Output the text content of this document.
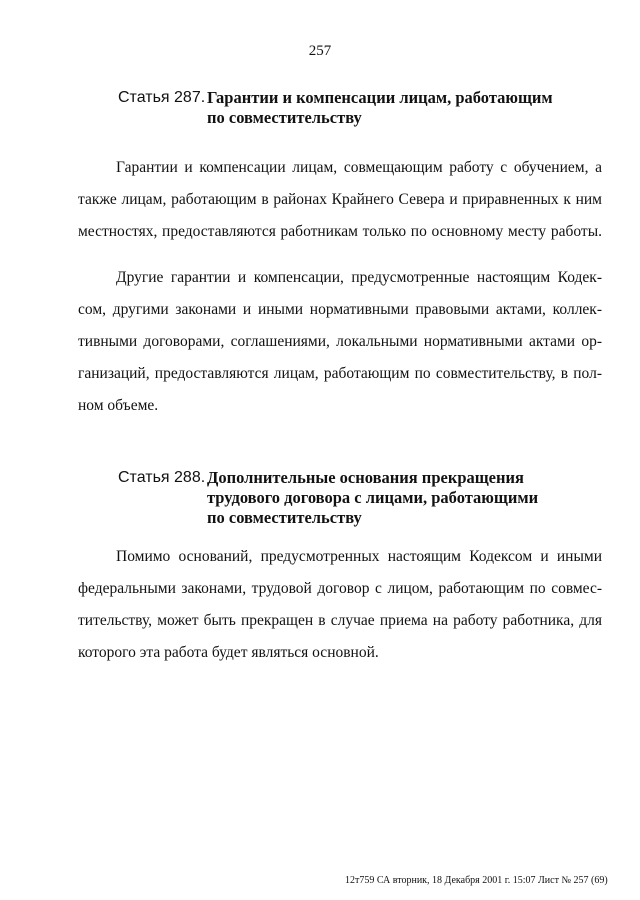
257
Статья 287. Гарантии и компенсации лицам, работающим
по совместительству
Гарантии и компенсации лицам, совмещающим работу с обучением, а
также лицам, работающим в районах Крайнего Севера и приравненных к ним
местностях, предоставляются работникам только по основному месту работы.
Другие гарантии и компенсации, предусмотренные настоящим Кодек-
сом, другими законами и иными нормативными правовыми актами, коллек-
тивными договорами, соглашениями, локальными нормативными актами ор-
ганизаций, предоставляются лицам, работающим по совместительству, в пол-
ном объеме.
Статья 288. Дополнительные основания прекращения
трудового договора с лицами, работающими
по совместительству
Помимо оснований, предусмотренных настоящим Кодексом и иными
федеральными законами, трудовой договор с лицом, работающим по совмес-
тительству, может быть прекращен в случае приема на работу работника, для
которого эта работа будет являться основной.
12т759 СА вторник, 18 Декабря 2001 г. 15:07 Лист № 257 (69)
